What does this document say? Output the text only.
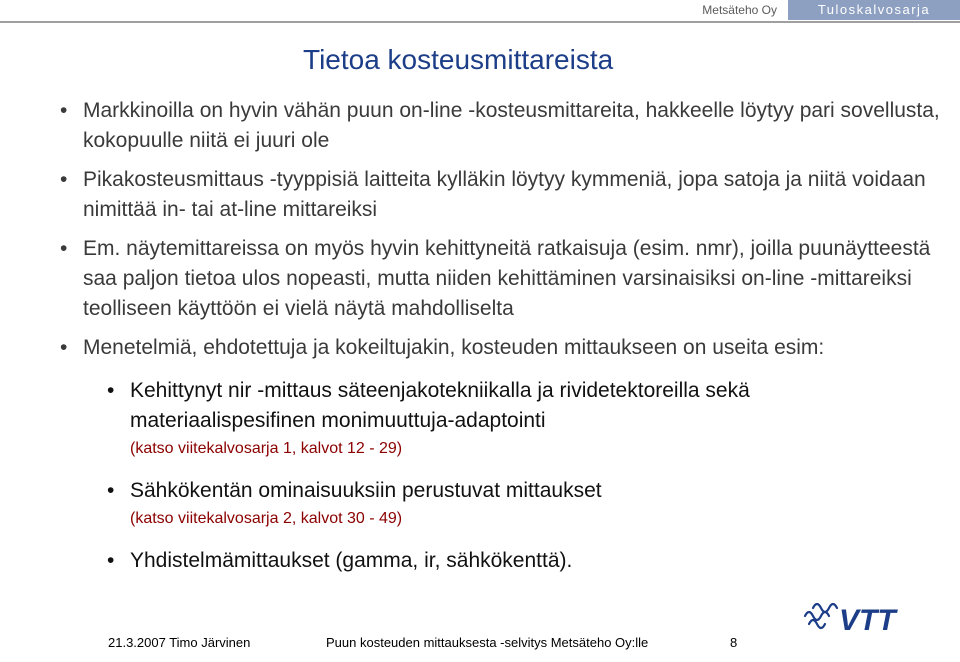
Metsäteho Oy	Tuloskalvosarja
Tietoa kosteusmittareista
• Markkinoilla on hyvin vähän puun on-line -kosteusmittareita, hakkeelle löytyy pari sovellusta, kokopuulle niitä ei juuri ole
• Pikakosteusmittaus -tyyppisiä laitteita kylläkin löytyy kymmeniä, jopa satoja ja niitä voidaan nimittää in- tai at-line mittareiksi
• Em. näytemittareissa on myös hyvin kehittyneitä ratkaisuja (esim. nmr), joilla puunäytteestä saa paljon tietoa ulos nopeasti, mutta niiden kehittäminen varsinaisiksi on-line -mittareiksi teolliseen käyttöön ei vielä näytä mahdolliselta
• Menetelmiä, ehdotettuja ja kokeiltujakin, kosteuden mittaukseen on useita esim:
• Kehittynyt nir -mittaus säteenjakotekniikalla ja rividetektoreilla sekä materiaalispesifinen monimuuttuja-adaptointi
(katso viitekalvosarja 1, kalvot 12 - 29)
• Sähkökentän ominaisuuksiin perustuvat mittaukset
(katso viitekalvosarja 2, kalvot 30 - 49)
• Yhdistelmämittaukset (gamma, ir, sähkökenttä).
VTT
21.3.2007 Timo Järvinen	Puun kosteuden mittauksesta -selvitys Metsäteho Oy:lle	8
